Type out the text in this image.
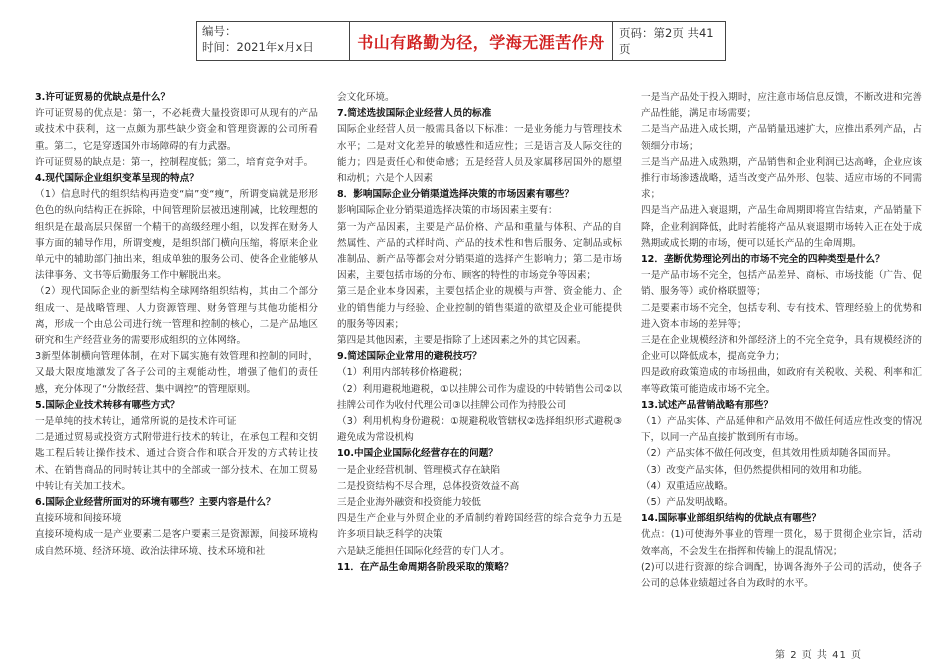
编号：
时间：2021年x月x日	书山有路勤为径，学海无涯苦作舟	页码：第2页 共41页

3.许可证贸易的优缺点是什么？

许可证贸易的优点是：第一，不必耗费大量投资即可从现有的产品或技术中获利，这一点颇为那些缺少资金和管理资源的公司所看重。第二，它是穿透国外市场障碍的有力武器。

许可证贸易的缺点是：第一，控制程度低；第二，培育竞争对手。

4.现代国际企业组织变革呈现的特点？

（1）信息时代的组织结构再造变“扁”变“瘦”，所谓变扁就是形形色色的纵向结构正在拆除，中间管理阶层被迅速削减，比较理想的组织是在最高层只保留一个精干的高级经理小组，以发挥在财务人事方面的辅导作用，所谓变瘦，是组织部门横向压缩，将原来企业单元中的辅助部门抽出来，组成单独的服务公司、使各企业能够从法律事务、文书等后勤服务工作中解脱出来。

（2）现代国际企业的新型结构全球网络组织结构，其由二个部分组成一、是战略管理、人力资源管理、财务管理与其他功能相分离，形成一个由总公司进行统一管理和控制的核心，二是产品地区研究和生产经营业务的需要形成组织的立体网络。

3新型体制横向管理体制，在对下属实施有效管理和控制的同时，又最大限度地激发了各子公司的主观能动性，增强了他们的责任感，充分体现了“分散经营、集中调控”的管理原则。

5.国际企业技术转移有哪些方式？

一是单纯的技术转让，通常所说的是技术许可证

二是通过贸易或投资方式附带进行技术的转让，在承包工程和交钥匙工程后转让操作技术、通过合资合作和联合开发的方式转让技术、在销售商品的同时转让其中的全部或一部分技术、在加工贸易中转让有关加工技术。

6.国际企业经营所面对的环境有哪些？主要内容是什么？

直接环境和间接环境

直接环境构成一是产业要素二是客户要素三是资源源，间接环境构成自然环境、经济环境、政治法律环境、技术环境和社

会文化环境。

7.简述选拔国际企业经营人员的标准

国际企业经营人员一般需具备以下标准：一是业务能力与管理技术水平；二是对文化差异的敏感性和适应性；三是语言及人际交往的能力；四是责任心和使命感；五是经营人员及家属移居国外的愿望和动机；六是个人因素

8．影响国际企业分销渠道选择决策的市场因素有哪些？

影响国际企业分销渠道选择决策的市场因素主要有：

第一为产品因素，主要是产品价格、产品和重量与体积、产品的自然属性、产品的式样时尚、产品的技术性和售后服务、定制品或标准制品、新产品等都会对分销渠道的选择产生影响力；第二是市场因素，主要包括市场的分布、顾客的特性的市场竞争等因素；

第三是企业本身因素，主要包括企业的规模与声誉、资金能力、企业的销售能力与经验、企业控制的销售渠道的欲望及企业可能提供的服务等因素；

第四是其他因素，主要是指除了上述因素之外的其它因素。

9.简述国际企业常用的避税技巧？

（1）利用内部转移价格避税；

（2）利用避税地避税，①以挂牌公司作为虚设的中转销售公司②以挂牌公司作为收付代理公司③以挂牌公司作为持股公司

（3）利用机构身份避税：①规避税收管辖权②选择组织形式避税③避免成为常设机构

10.中国企业国际化经营存在的问题？

一是企业经营机制、管理模式存在缺陷

二是投资结构不尽合理，总体投资效益不高

三是企业海外融资和投资能力较低

四是生产企业与外贸企业的矛盾制约着跨国经营的综合竞争力五是许多项目缺乏科学的决策

六是缺乏能担任国际化经营的专门人才。

11．在产品生命周期各阶段采取的策略？

一是当产品处于投入期时，应注意市场信息反馈，不断改进和完善产品性能，满足市场需要；

二是当产品进入成长期，产品销量迅速扩大，应推出系列产品，占领细分市场；

三是当产品进入成熟期，产品销售和企业利润已达高峰，企业应该推行市场渗透战略，适当改变产品外形、包装、适应市场的不同需求；

四是当产品进入衰退期，产品生命周期即将宣告结束，产品销量下降，企业利润降低，此时若能将产品从衰退期市场转入正在处于成熟期或成长期的市场，便可以延长产品的生命周期。

12．垄断优势理论列出的市场不完全的四种类型是什么？

一是产品市场不完全，包括产品差异、商标、市场技能（广告、促销、服务等）或价格联盟等；

二是要素市场不完全，包括专利、专有技术、管理经验上的优势和进入资本市场的差异等；

三是在企业规模经济和外部经济上的不完全竞争，具有规模经济的企业可以降低成本，提高竞争力；

四是政府政策造成的市场扭曲，如政府有关税收、关税、利率和汇率等政策可能造成市场不完全。

13.试述产品营销战略有那些？

（1）产品实体、产品延伸和产品效用不做任何适应性改变的情况下，以同一产品直接扩散到所有市场。

（2）产品实体不做任何改变，但其效用性质却随各国而异。

（3）改变产品实体，但仍然提供相同的效用和功能。

（4）双重适应战略。

（5）产品发明战略。

14.国际事业部组织结构的优缺点有哪些？

优点：(1)可使海外事业的管理一贯化，易于贯彻企业宗旨，活动效率高，不会发生在指挥和传输上的混乱情况；

(2)可以进行资源的综合调配，协调各海外子公司的活动，使各子公司的总体业绩超过各自为政时的水平。

第 2 页 共 41 页
